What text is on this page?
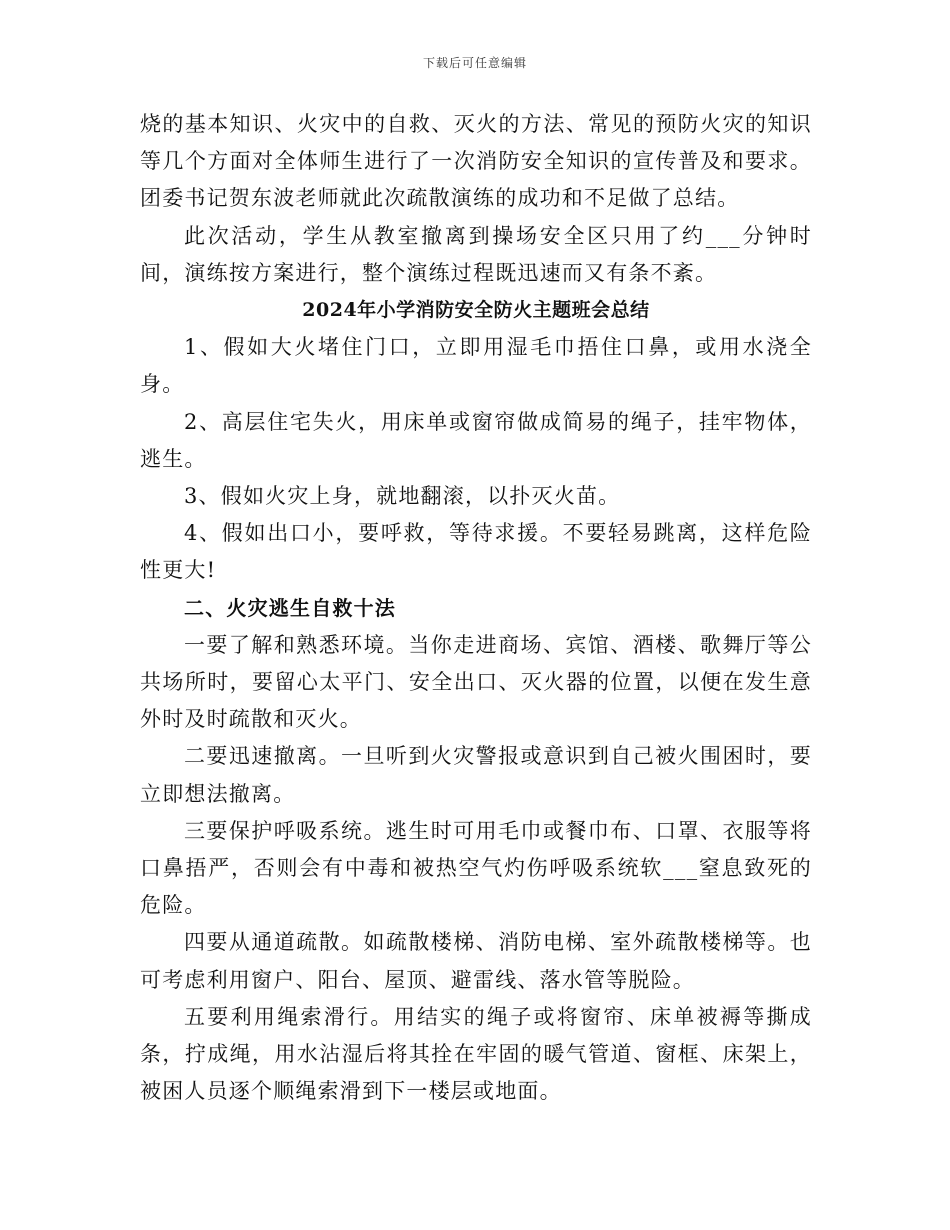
下载后可任意编辑

烧的基本知识、火灾中的自救、灭火的方法、常见的预防火灾的知识等几个方面对全体师生进行了一次消防安全知识的宣传普及和要求。团委书记贺东波老师就此次疏散演练的成功和不足做了总结。

此次活动，学生从教室撤离到操场安全区只用了约___分钟时间，演练按方案进行，整个演练过程既迅速而又有条不紊。

2024年小学消防安全防火主题班会总结

1、假如大火堵住门口，立即用湿毛巾捂住口鼻，或用水浇全身。

2、高层住宅失火，用床单或窗帘做成简易的绳子，挂牢物体，逃生。

3、假如火灾上身，就地翻滚，以扑灭火苗。

4、假如出口小，要呼救，等待求援。不要轻易跳离，这样危险性更大!

二、火灾逃生自救十法

一要了解和熟悉环境。当你走进商场、宾馆、酒楼、歌舞厅等公共场所时，要留心太平门、安全出口、灭火器的位置，以便在发生意外时及时疏散和灭火。

二要迅速撤离。一旦听到火灾警报或意识到自己被火围困时，要立即想法撤离。

三要保护呼吸系统。逃生时可用毛巾或餐巾布、口罩、衣服等将口鼻捂严，否则会有中毒和被热空气灼伤呼吸系统软___窒息致死的危险。

四要从通道疏散。如疏散楼梯、消防电梯、室外疏散楼梯等。也可考虑利用窗户、阳台、屋顶、避雷线、落水管等脱险。

五要利用绳索滑行。用结实的绳子或将窗帘、床单被褥等撕成条，拧成绳，用水沾湿后将其拴在牢固的暖气管道、窗框、床架上，被困人员逐个顺绳索滑到下一楼层或地面。
